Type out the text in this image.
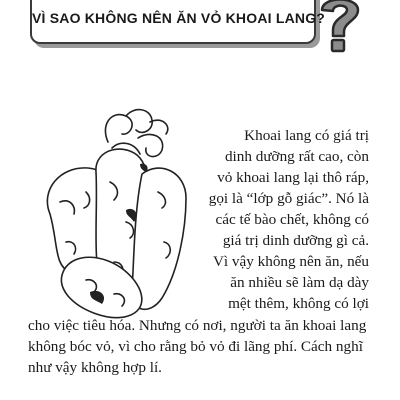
VÌ SAO KHÔNG NÊN ĂN VỎ KHOAI LANG?
Khoai lang có giá trị
dinh dưỡng rất cao, còn
vỏ khoai lang lại thô ráp,
gọi là “lớp gỗ giác”. Nó là
các tế bào chết, không có
giá trị dinh dưỡng gì cả.
Vì vậy không nên ăn, nếu
ăn nhiều sẽ làm dạ dày
mệt thêm, không có lợi
cho việc tiêu hóa. Nhưng có nơi, người ta ăn khoai lang
không bóc vỏ, vì cho rằng bỏ vỏ đi lãng phí. Cách nghĩ
như vậy không hợp lí.
